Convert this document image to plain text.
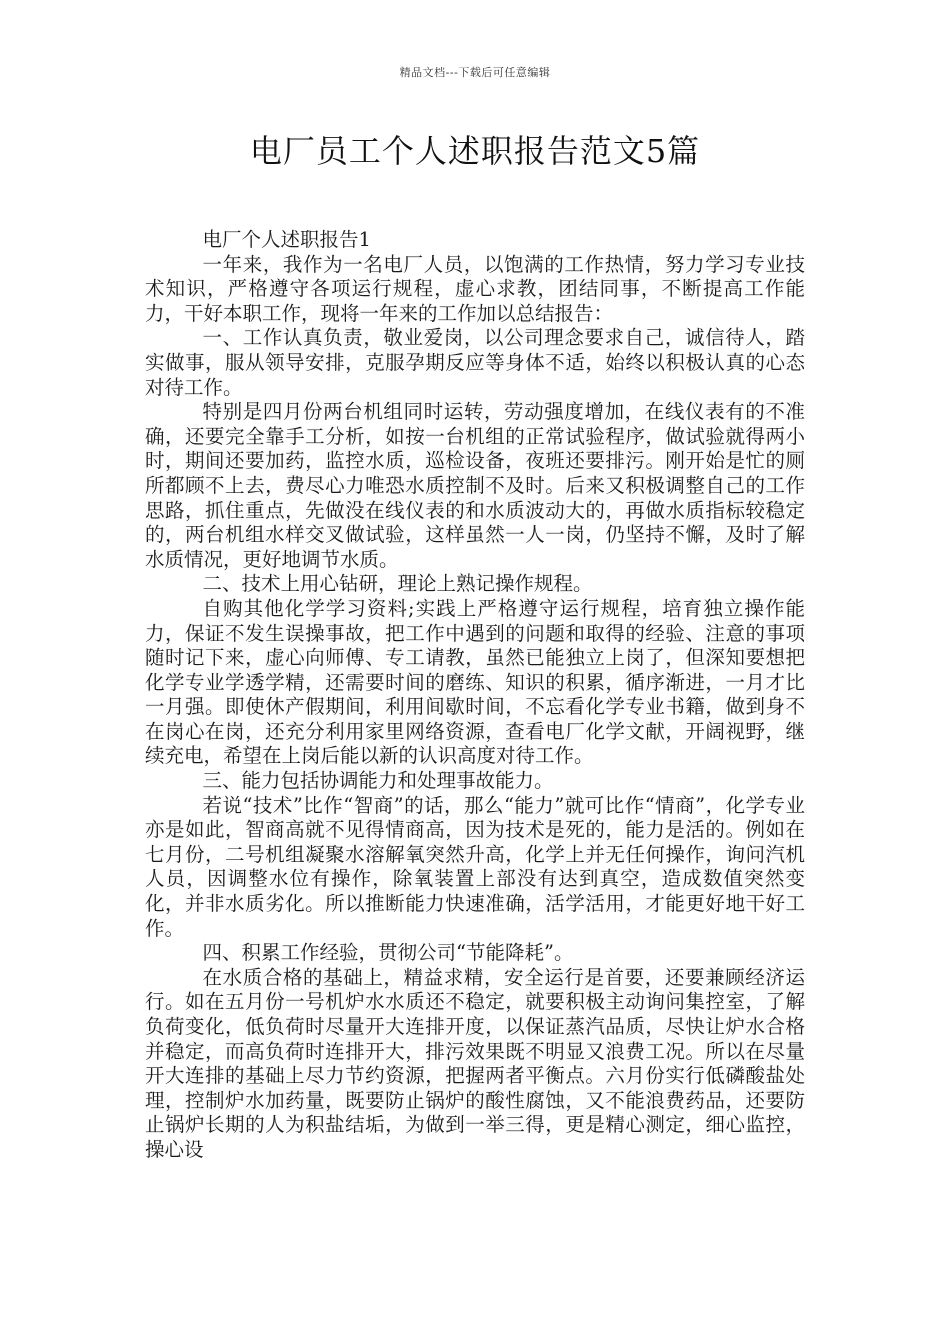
精品文档---下载后可任意编辑
电厂员工个人述职报告范文5篇

电厂个人述职报告1

一年来，我作为一名电厂人员，以饱满的工作热情，努力学习专业技术知识，严格遵守各项运行规程，虚心求教，团结同事，不断提高工作能力，干好本职工作，现将一年来的工作加以总结报告：

一、工作认真负责，敬业爱岗，以公司理念要求自己，诚信待人，踏实做事，服从领导安排，克服孕期反应等身体不适，始终以积极认真的心态对待工作。

特别是四月份两台机组同时运转，劳动强度增加，在线仪表有的不准确，还要完全靠手工分析，如按一台机组的正常试验程序，做试验就得两小时，期间还要加药，监控水质，巡检设备，夜班还要排污。刚开始是忙的厕所都顾不上去，费尽心力唯恐水质控制不及时。后来又积极调整自己的工作思路，抓住重点，先做没在线仪表的和水质波动大的，再做水质指标较稳定的，两台机组水样交叉做试验，这样虽然一人一岗，仍坚持不懈，及时了解水质情况，更好地调节水质。

二、技术上用心钻研，理论上熟记操作规程。

自购其他化学学习资料;实践上严格遵守运行规程，培育独立操作能力，保证不发生误操事故，把工作中遇到的问题和取得的经验、注意的事项随时记下来，虚心向师傅、专工请教，虽然已能独立上岗了，但深知要想把化学专业学透学精，还需要时间的磨练、知识的积累，循序渐进，一月才比一月强。即使休产假期间，利用间歇时间，不忘看化学专业书籍，做到身不在岗心在岗，还充分利用家里网络资源，查看电厂化学文献，开阔视野，继续充电，希望在上岗后能以新的认识高度对待工作。

三、能力包括协调能力和处理事故能力。

若说“技术”比作“智商”的话，那么“能力”就可比作“情商”，化学专业亦是如此，智商高就不见得情商高，因为技术是死的，能力是活的。例如在七月份，二号机组凝聚水溶解氧突然升高，化学上并无任何操作，询问汽机人员，因调整水位有操作，除氧装置上部没有达到真空，造成数值突然变化，并非水质劣化。所以推断能力快速准确，活学活用，才能更好地干好工作。

四、积累工作经验，贯彻公司“节能降耗”。

在水质合格的基础上，精益求精，安全运行是首要，还要兼顾经济运行。如在五月份一号机炉水水质还不稳定，就要积极主动询问集控室，了解负荷变化，低负荷时尽量开大连排开度，以保证蒸汽品质，尽快让炉水合格并稳定，而高负荷时连排开大，排污效果既不明显又浪费工况。所以在尽量开大连排的基础上尽力节约资源，把握两者平衡点。六月份实行低磷酸盐处理，控制炉水加药量，既要防止锅炉的酸性腐蚀，又不能浪费药品，还要防止锅炉长期的人为积盐结垢，为做到一举三得，更是精心测定，细心监控，操心设
